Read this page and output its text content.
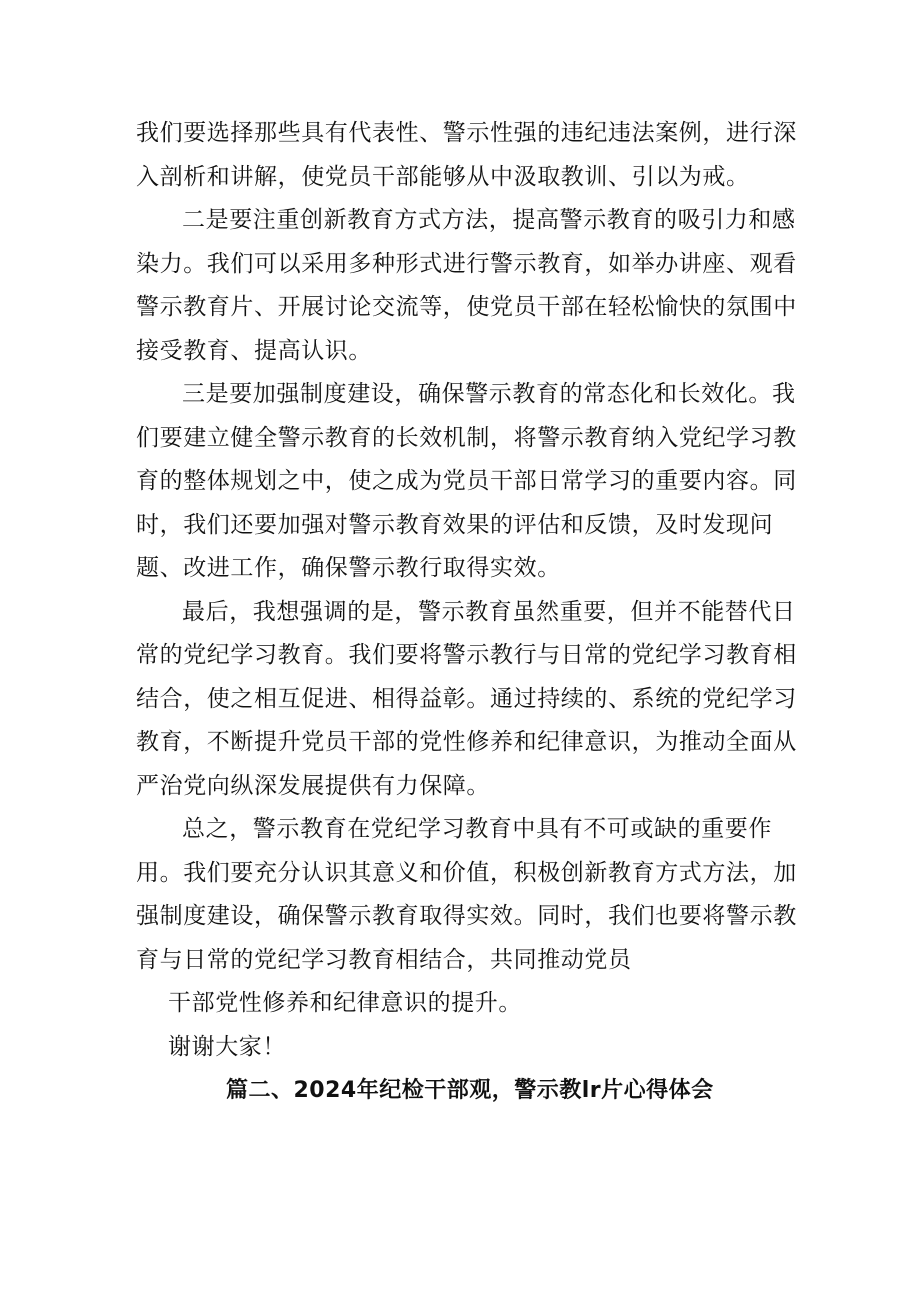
我们要选择那些具有代表性、警示性强的违纪违法案例，进行深
入剖析和讲解，使党员干部能够从中汲取教训、引以为戒。

二是要注重创新教育方式方法，提高警示教育的吸引力和感
染力。我们可以采用多种形式进行警示教育，如举办讲座、观看
警示教育片、开展讨论交流等，使党员干部在轻松愉快的氛围中
接受教育、提高认识。

三是要加强制度建设，确保警示教育的常态化和长效化。我
们要建立健全警示教育的长效机制，将警示教育纳入党纪学习教
育的整体规划之中，使之成为党员干部日常学习的重要内容。同
时，我们还要加强对警示教育效果的评估和反馈，及时发现问
题、改进工作，确保警示教行取得实效。

最后，我想强调的是，警示教育虽然重要，但并不能替代日
常的党纪学习教育。我们要将警示教行与日常的党纪学习教育相
结合，使之相互促进、相得益彰。通过持续的、系统的党纪学习
教育，不断提升党员干部的党性修养和纪律意识，为推动全面从
严治党向纵深发展提供有力保障。

总之，警示教育在党纪学习教育中具有不可或缺的重要作
用。我们要充分认识其意义和价值，积极创新教育方式方法，加
强制度建设，确保警示教育取得实效。同时，我们也要将警示教
育与日常的党纪学习教育相结合，共同推动党员

干部党性修养和纪律意识的提升。

谢谢大家！

篇二、2024年纪检干部观，警示教lr片心得体会
